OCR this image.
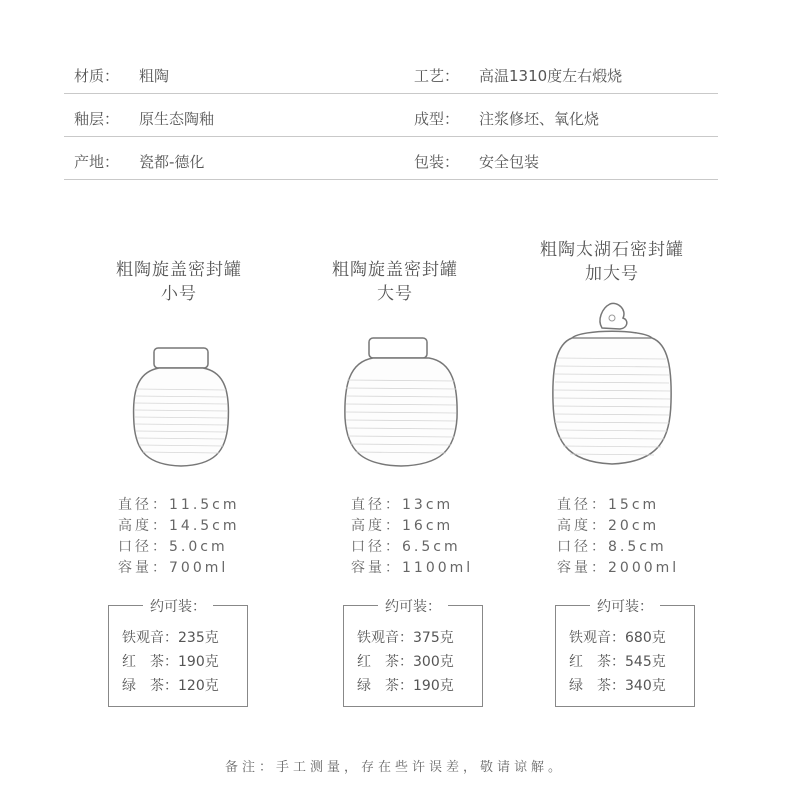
材质： 粗陶	工艺： 高温1310度左右煅烧
釉层： 原生态陶釉	成型： 注浆修坯、氧化烧
产地： 瓷都-德化	包装： 安全包装
粗陶旋盖密封罐
小号
直径：11.5cm
高度：14.5cm
口径：5.0cm
容量：700ml
约可装：
铁观音：235克
红　茶：190克
绿　茶：120克
粗陶旋盖密封罐
大号
直径：13cm
高度：16cm
口径：6.5cm
容量：1100ml
约可装：
铁观音：375克
红　茶：300克
绿　茶：190克
粗陶太湖石密封罐
加大号
直径：15cm
高度：20cm
口径：8.5cm
容量：2000ml
约可装：
铁观音：680克
红　茶：545克
绿　茶：340克
备注：手工测量，存在些许误差，敬请谅解。
